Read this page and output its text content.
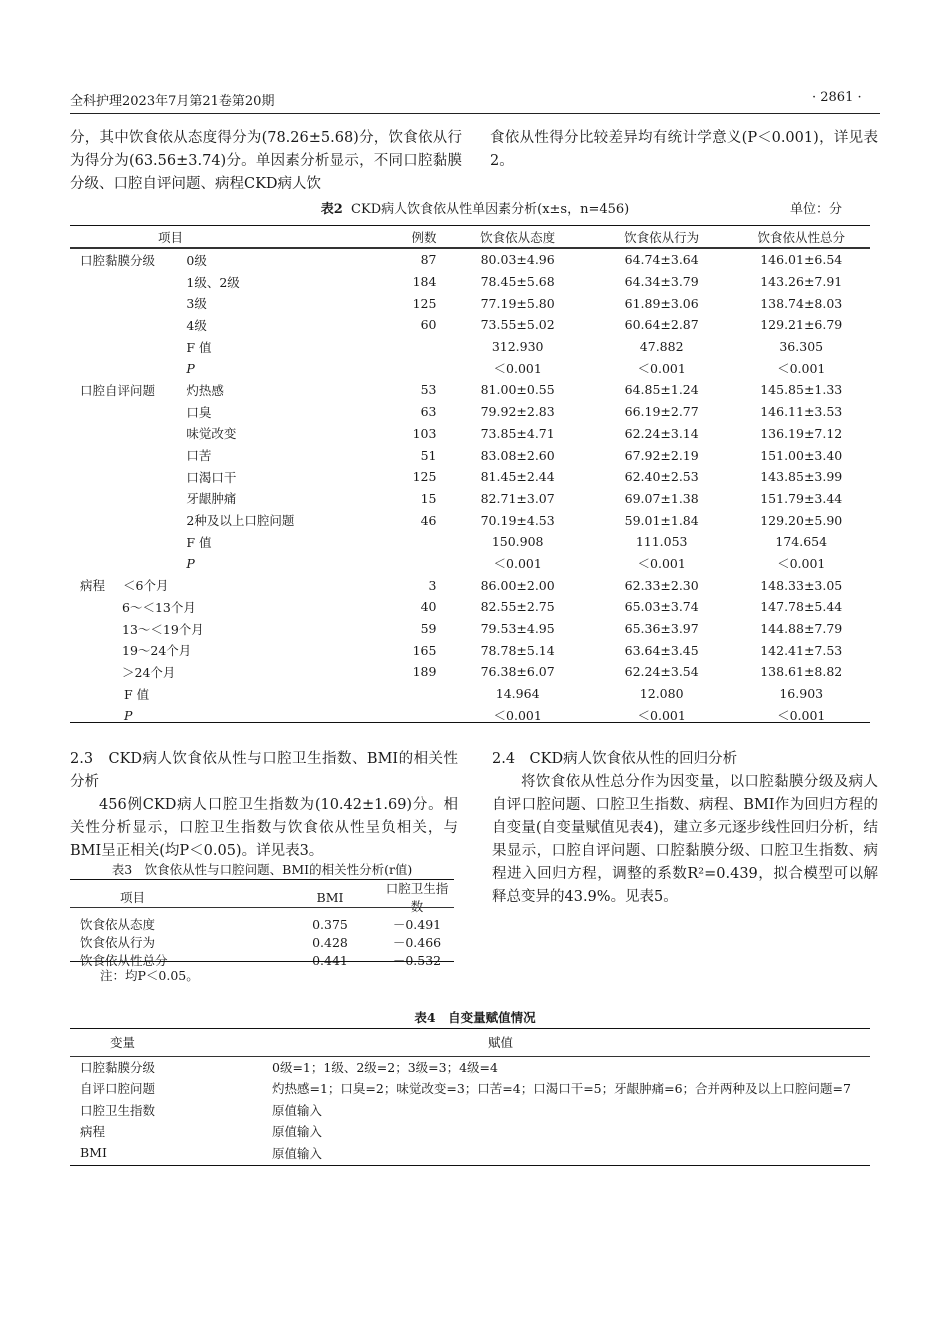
全科护理2023年7月第21卷第20期	· 2861 ·

分，其中饮食依从态度得分为(78.26±5.68)分，饮食依从行为得分为(63.56±3.74)分。单因素分析显示，不同口腔黏膜分级、口腔自评问题、病程CKD病人饮

食依从性得分比较差异均有统计学意义(P＜0.001)，详见表2。

表2 CKD病人饮食依从性单因素分析(x±s，n=456)	单位：分
项目		例数	饮食依从态度	饮食依从行为	饮食依从性总分
口腔黏膜分级	0级	87	80.03±4.96	64.74±3.64	146.01±6.54
	1级、2级	184	78.45±5.68	64.34±3.79	143.26±7.91
	3级	125	77.19±5.80	61.89±3.06	138.74±8.03
	4级	60	73.55±5.02	60.64±2.87	129.21±6.79
	F 值		312.930	47.882	36.305
	P		＜0.001	＜0.001	＜0.001
口腔自评问题	灼热感	53	81.00±0.55	64.85±1.24	145.85±1.33
	口臭	63	79.92±2.83	66.19±2.77	146.11±3.53
	味觉改变	103	73.85±4.71	62.24±3.14	136.19±7.12
	口苦	51	83.08±2.60	67.92±2.19	151.00±3.40
	口渴口干	125	81.45±2.44	62.40±2.53	143.85±3.99
	牙龈肿痛	15	82.71±3.07	69.07±1.38	151.79±3.44
	2种及以上口腔问题	46	70.19±4.53	59.01±1.84	129.20±5.90
	F 值		150.908	111.053	174.654
	P		＜0.001	＜0.001	＜0.001
病程 ＜6个月		3	86.00±2.00	62.33±2.30	148.33±3.05
6～＜13个月		40	82.55±2.75	65.03±3.74	147.78±5.44
13～＜19个月		59	79.53±4.95	65.36±3.97	144.88±7.79
19～24个月		165	78.78±5.14	63.64±3.45	142.41±7.53
＞24个月		189	76.38±6.07	62.24±3.54	138.61±8.82
F 值			14.964	12.080	16.903
P			＜0.001	＜0.001	＜0.001

2.3　CKD病人饮食依从性与口腔卫生指数、BMI的相关性分析

456例CKD病人口腔卫生指数为(10.42±1.69)分。相关性分析显示，口腔卫生指数与饮食依从性呈负相关，与BMI呈正相关(均P＜0.05)。详见表3。

表3　饮食依从性与口腔问题、BMI的相关性分析(r值)
项目	BMI	口腔卫生指数
饮食依从态度	0.375	－0.491
饮食依从行为	0.428	－0.466
饮食依从性总分	0.441	－0.532
注：均P＜0.05。

2.4　CKD病人饮食依从性的回归分析

将饮食依从性总分作为因变量，以口腔黏膜分级及病人自评口腔问题、口腔卫生指数、病程、BMI作为回归方程的自变量(自变量赋值见表4)，建立多元逐步线性回归分析，结果显示，口腔自评问题、口腔黏膜分级、口腔卫生指数、病程进入回归方程，调整的系数R²=0.439，拟合模型可以解释总变异的43.9%。见表5。

表4　自变量赋值情况
变量	赋值
口腔黏膜分级	0级=1；1级、2级=2；3级=3；4级=4
自评口腔问题	灼热感=1；口臭=2；味觉改变=3；口苦=4；口渴口干=5；牙龈肿痛=6；合并两种及以上口腔问题=7
口腔卫生指数	原值输入
病程	原值输入
BMI	原值输入
